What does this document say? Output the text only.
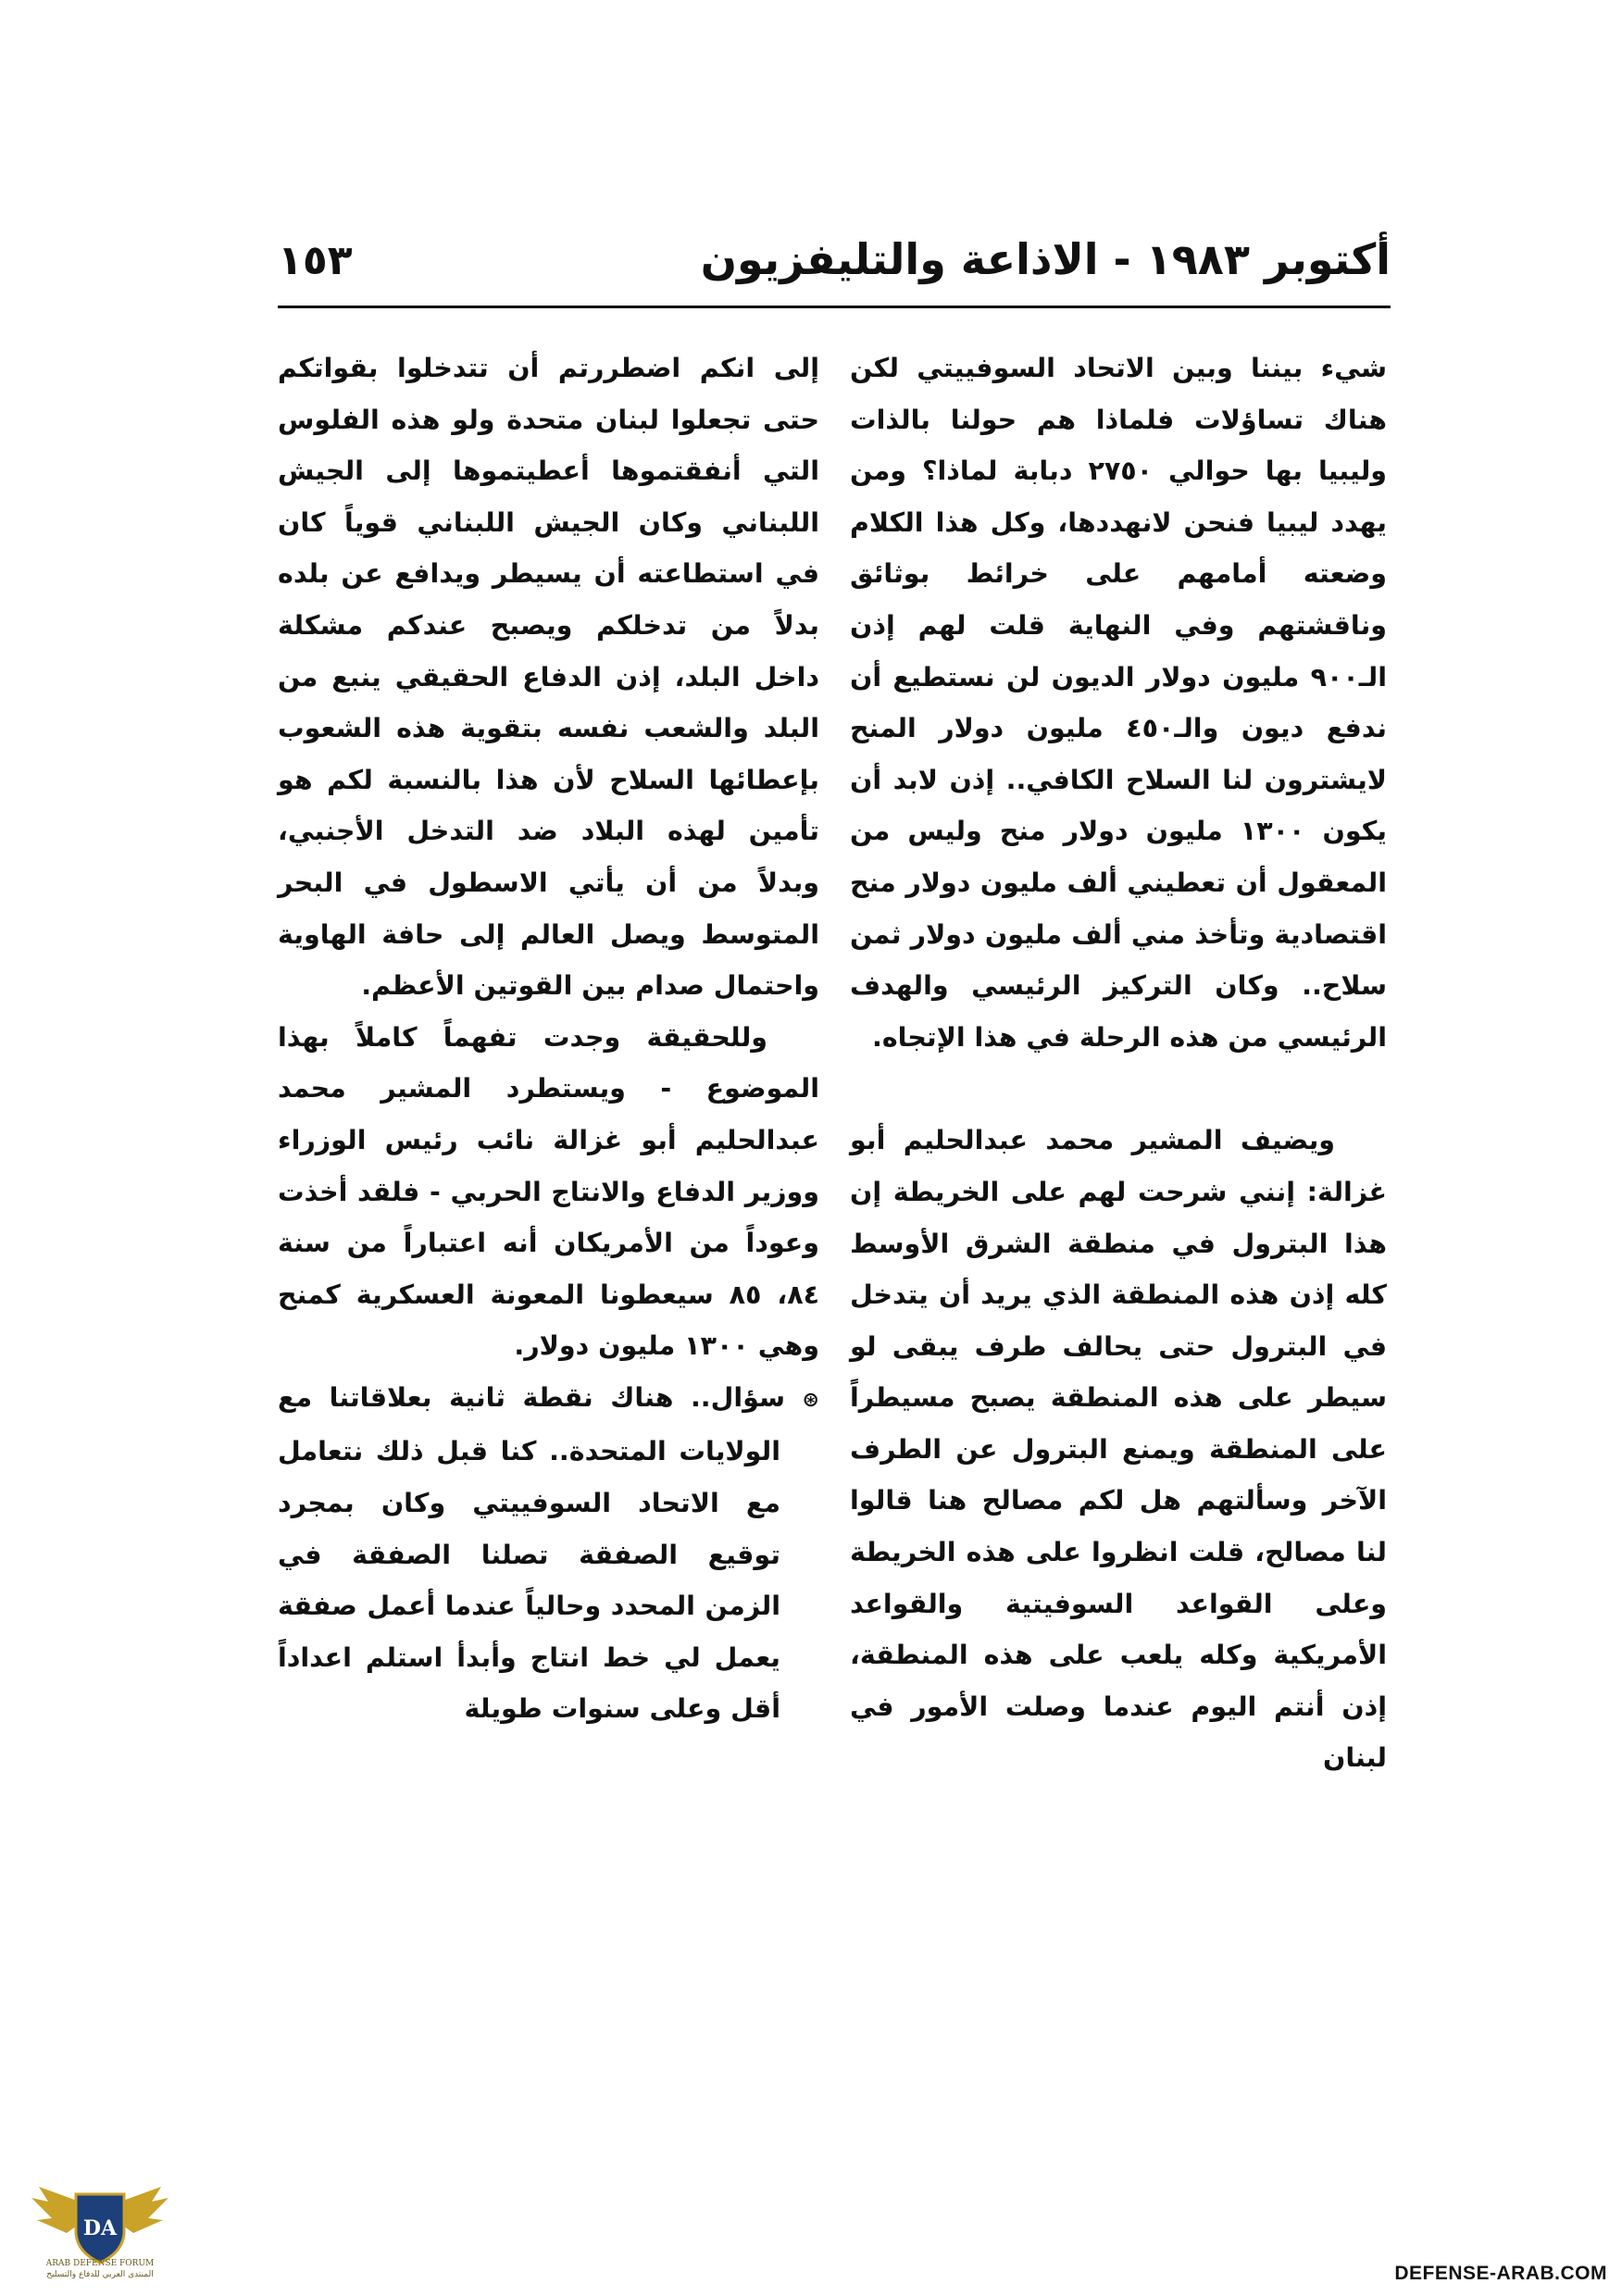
أكتوبر ١٩٨٣ - الاذاعة والتليفزيون
١٥٣

شيء بيننا وبين الاتحاد السوفييتي لكن هناك تساؤلات فلماذا هم حولنا بالذات وليبيا بها حوالي ٢٧٥٠ دبابة لماذا؟ ومن يهدد ليبيا فنحن لانهددها، وكل هذا الكلام وضعته أمامهم على خرائط بوثائق وناقشتهم وفي النهاية قلت لهم إذن الـ٩٠٠ مليون دولار الديون لن نستطيع أن ندفع ديون والـ٤٥٠ مليون دولار المنح لايشترون لنا السلاح الكافي.. إذن لابد أن يكون ١٣٠٠ مليون دولار منح وليس من المعقول أن تعطيني ألف مليون دولار منح اقتصادية وتأخذ مني ألف مليون دولار ثمن سلاح.. وكان التركيز الرئيسي والهدف الرئيسي من هذه الرحلة في هذا الإتجاه.

ويضيف المشير محمد عبدالحليم أبو غزالة: إنني شرحت لهم على الخريطة إن هذا البترول في منطقة الشرق الأوسط كله إذن هذه المنطقة الذي يريد أن يتدخل في البترول حتى يحالف طرف يبقى لو سيطر على هذه المنطقة يصبح مسيطراً على المنطقة ويمنع البترول عن الطرف الآخر وسألتهم هل لكم مصالح هنا قالوا لنا مصالح، قلت انظروا على هذه الخريطة وعلى القواعد السوفيتية والقواعد الأمريكية وكله يلعب على هذه المنطقة، إذن أنتم اليوم عندما وصلت الأمور في لبنان

إلى انكم اضطررتم أن تتدخلوا بقواتكم حتى تجعلوا لبنان متحدة ولو هذه الفلوس التي أنفقتموها أعطيتموها إلى الجيش اللبناني وكان الجيش اللبناني قوياً كان في استطاعته أن يسيطر ويدافع عن بلده بدلاً من تدخلكم ويصبح عندكم مشكلة داخل البلد، إذن الدفاع الحقيقي ينبع من البلد والشعب نفسه بتقوية هذه الشعوب بإعطائها السلاح لأن هذا بالنسبة لكم هو تأمين لهذه البلاد ضد التدخل الأجنبي، وبدلاً من أن يأتي الاسطول في البحر المتوسط ويصل العالم إلى حافة الهاوية واحتمال صدام بين القوتين الأعظم.

وللحقيقة وجدت تفهماً كاملاً بهذا الموضوع - ويستطرد المشير محمد عبدالحليم أبو غزالة نائب رئيس الوزراء ووزير الدفاع والانتاج الحربي - فلقد أخذت وعوداً من الأمريكان أنه اعتباراً من سنة ٨٤، ٨٥ سيعطونا المعونة العسكرية كمنح وهي ١٣٠٠ مليون دولار.

⊛ سؤال.. هناك نقطة ثانية بعلاقاتنا مع الولايات المتحدة.. كنا قبل ذلك نتعامل مع الاتحاد السوفييتي وكان بمجرد توقيع الصفقة تصلنا الصفقة في الزمن المحدد وحالياً عندما أعمل صفقة يعمل لي خط انتاج وأبدأ استلم اعداداً أقل وعلى سنوات طويلة

DA
ARAB DEFENSE FORUM
المنتدى العربي للدفاع والتسليح	DEFENSE-ARAB.COM
